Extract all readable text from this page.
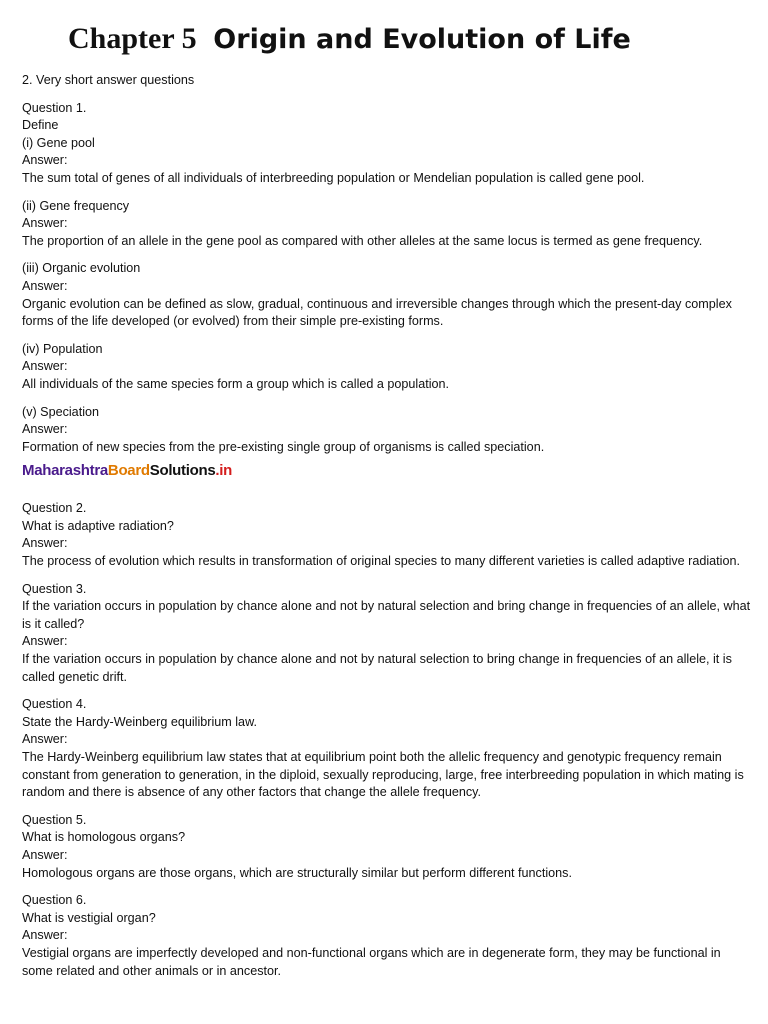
Chapter 5 Origin and Evolution of Life

2. Very short answer questions

Question 1.

Define

(i) Gene pool

Answer:

The sum total of genes of all individuals of interbreeding population or Mendelian population is called gene pool.

(ii) Gene frequency

Answer:

The proportion of an allele in the gene pool as compared with other alleles at the same locus is termed as gene frequency.

(iii) Organic evolution

Answer:

Organic evolution can be defined as slow, gradual, continuous and irreversible changes through which the present-day complex forms of the life developed (or evolved) from their simple pre-existing forms.

(iv) Population

Answer:

All individuals of the same species form a group which is called a population.

(v) Speciation

Answer:

Formation of new species from the pre-existing single group of organisms is called speciation.

MaharashtraBoardSolutions.in

Question 2.

What is adaptive radiation?

Answer:

The process of evolution which results in transformation of original species to many different varieties is called adaptive radiation.

Question 3.

If the variation occurs in population by chance alone and not by natural selection and bring change in frequencies of an allele, what is it called?

Answer:

If the variation occurs in population by chance alone and not by natural selection to bring change in frequencies of an allele, it is called genetic drift.

Question 4.

State the Hardy-Weinberg equilibrium law.

Answer:

The Hardy-Weinberg equilibrium law states that at equilibrium point both the allelic frequency and genotypic frequency remain constant from generation to generation, in the diploid, sexually reproducing, large, free interbreeding population in which mating is random and there is absence of any other factors that change the allele frequency.

Question 5.

What is homologous organs?

Answer:

Homologous organs are those organs, which are structurally similar but perform different functions.

Question 6.

What is vestigial organ?

Answer:

Vestigial organs are imperfectly developed and non-functional organs which are in degenerate form, they may be functional in some related and other animals or in ancestor.
